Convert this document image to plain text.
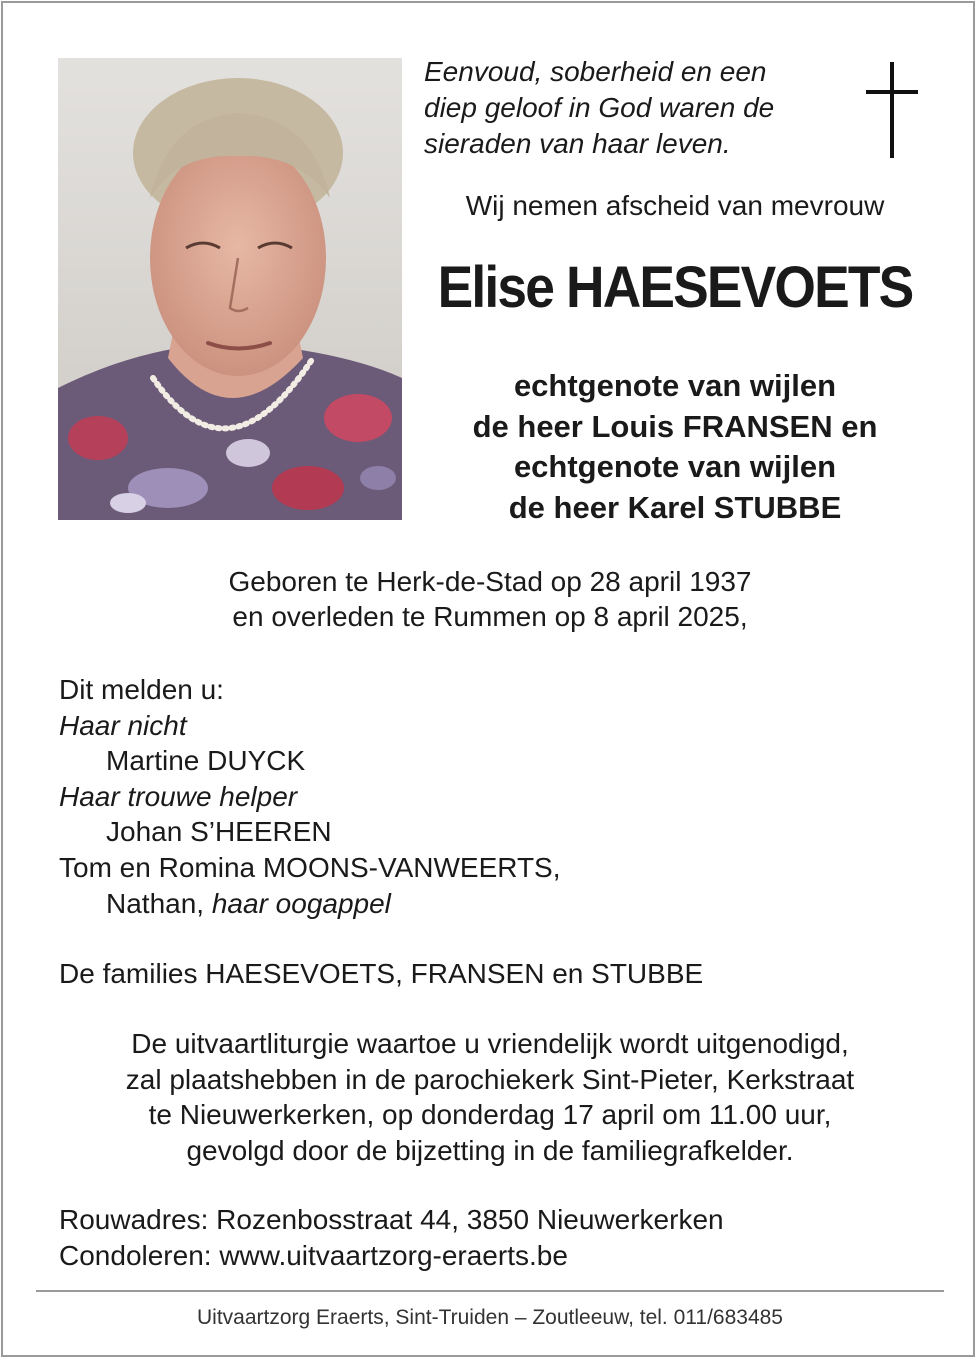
Eenvoud, soberheid en een
diep geloof in God waren de
sieraden van haar leven.
Wij nemen afscheid van mevrouw
Elise HAESEVOETS
echtgenote van wijlen
de heer Louis FRANSEN en
echtgenote van wijlen
de heer Karel STUBBE
Geboren te Herk-de-Stad op 28 april 1937
en overleden te Rummen op 8 april 2025,
Dit melden u:
Haar nicht
Martine DUYCK
Haar trouwe helper
Johan S’HEEREN
Tom en Romina MOONS-VANWEERTS,
Nathan, haar oogappel
De families HAESEVOETS, FRANSEN en STUBBE
De uitvaartliturgie waartoe u vriendelijk wordt uitgenodigd,
zal plaatshebben in de parochiekerk Sint-Pieter, Kerkstraat
te Nieuwerkerken, op donderdag 17 april om 11.00 uur,
gevolgd door de bijzetting in de familiegrafkelder.
Rouwadres: Rozenbosstraat 44, 3850 Nieuwerkerken
Condoleren: www.uitvaartzorg-eraerts.be
Uitvaartzorg Eraerts, Sint-Truiden – Zoutleeuw, tel. 011/683485
